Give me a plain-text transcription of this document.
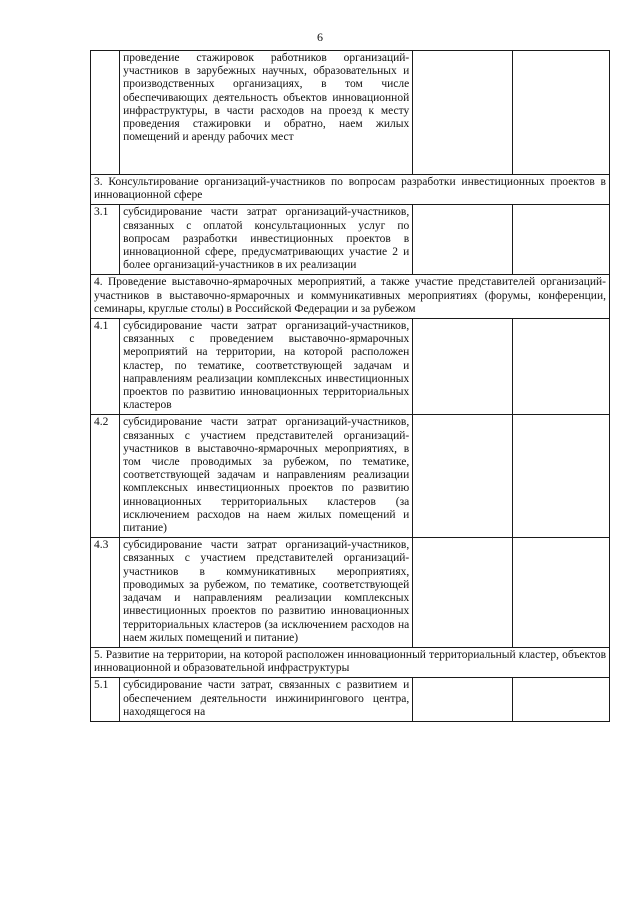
6
	проведение стажировок работников организаций-участников в зарубежных научных, образовательных и производственных организациях, в том числе обеспечивающих деятельность объектов инновационной инфраструктуры, в части расходов на проезд к месту проведения стажировки и обратно, наем жилых помещений и аренду рабочих мест		
3. Консультирование организаций-участников по вопросам разработки инвестиционных проектов в инновационной сфере			
3.1	субсидирование части затрат организаций-участников, связанных с оплатой консультационных услуг по вопросам разработки инвестиционных проектов в инновационной сфере, предусматривающих участие 2 и более организаций-участников в их реализации		
4. Проведение выставочно-ярмарочных мероприятий, а также участие представителей организаций-участников в выставочно-ярмарочных и коммуникативных мероприятиях (форумы, конференции, семинары, круглые столы) в Российской Федерации и за рубежом			
4.1	субсидирование части затрат организаций-участников, связанных с проведением выставочно-ярмарочных мероприятий на территории, на которой расположен кластер, по тематике, соответствующей задачам и направлениям реализации комплексных инвестиционных проектов по развитию инновационных территориальных кластеров		
4.2	субсидирование части затрат организаций-участников, связанных с участием представителей организаций-участников в выставочно-ярмарочных мероприятиях, в том числе проводимых за рубежом, по тематике, соответствующей задачам и направлениям реализации комплексных инвестиционных проектов по развитию инновационных территориальных кластеров (за исключением расходов на наем жилых помещений и питание)		
4.3	субсидирование части затрат организаций-участников, связанных с участием представителей организаций-участников в коммуникативных мероприятиях, проводимых за рубежом, по тематике, соответствующей задачам и направлениям реализации комплексных инвестиционных проектов по развитию инновационных территориальных кластеров (за исключением расходов на наем жилых помещений и питание)		
5. Развитие на территории, на которой расположен инновационный территориальный кластер, объектов инновационной и образовательной инфраструктуры			
5.1	субсидирование части затрат, связанных с развитием и обеспечением деятельности инжинирингового центра, находящегося на		
